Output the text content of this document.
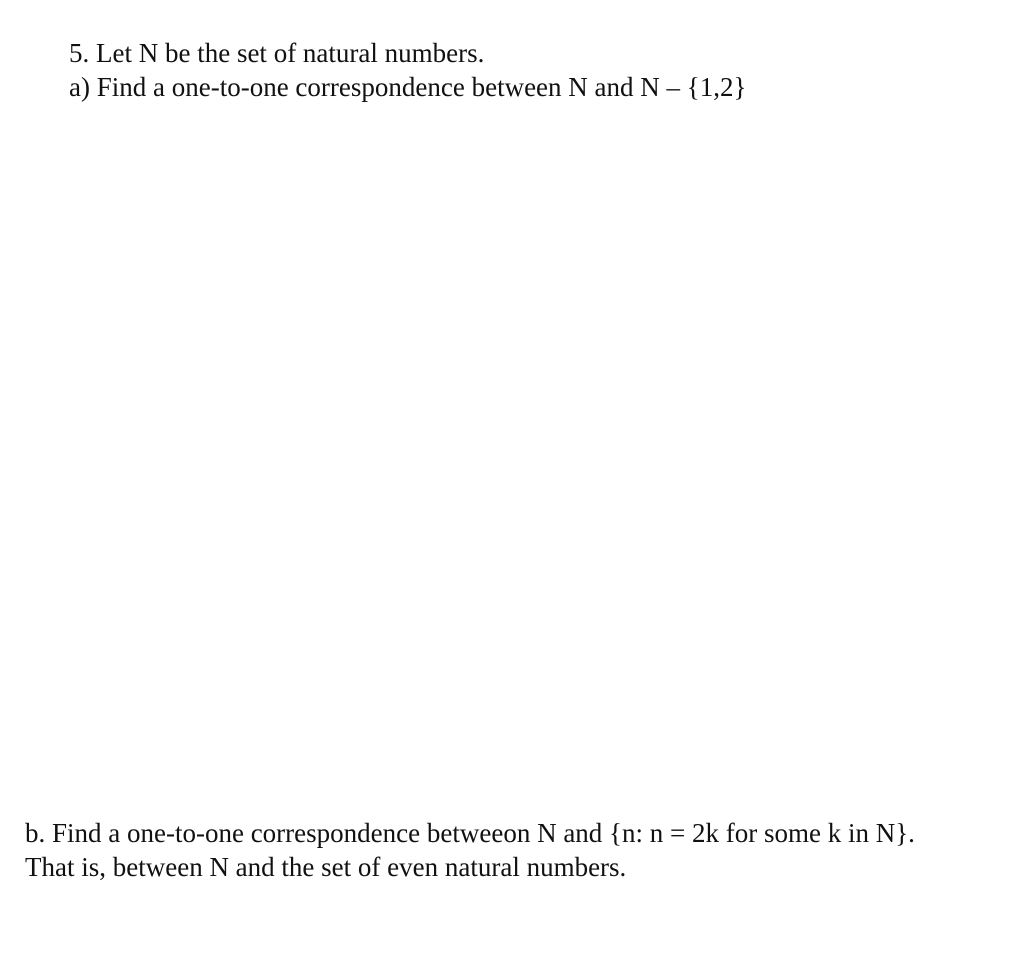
5. Let N be the set of natural numbers.

a) Find a one-to-one correspondence between N and N – {1,2}

b. Find a one-to-one correspondence betweeon N and {n: n = 2k for some k in N}.

That is, between N and the set of even natural numbers.
